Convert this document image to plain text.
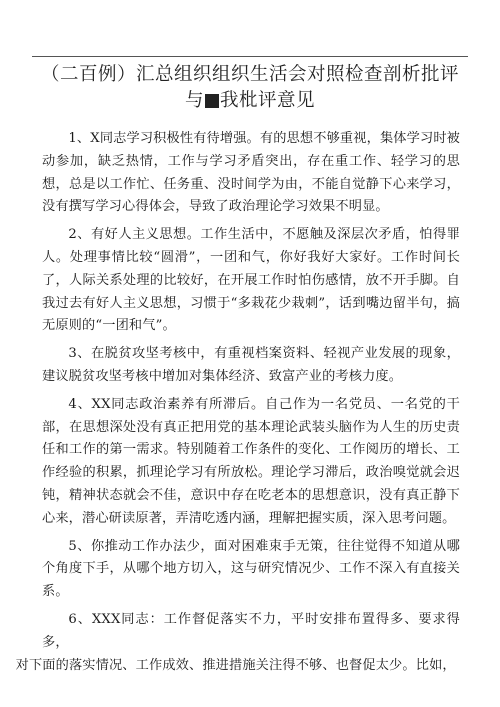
（二百例）汇总组织组织生活会对照检查剖析批评
与 我枇评意见

1、X同志学习积极性有待增强。有的思想不够重视，集体学习时被动参加，缺乏热情，工作与学习矛盾突出，存在重工作、轻学习的思想，总是以工作忙、任务重、没时间学为由，不能自觉静下心来学习，没有撰写学习心得体会，导致了政治理论学习效果不明显。

2、有好人主义思想。工作生活中，不愿触及深层次矛盾，怕得罪人。处理事情比较“圆滑”，一团和气，你好我好大家好。工作时间长了，人际关系处理的比较好，在开展工作时怕伤感情，放不开手脚。自我过去有好人主义思想，习惯于“多栽花少栽刺”，话到嘴边留半句，搞无原则的“一团和气”。

3、在脱贫攻坚考核中，有重视档案资料、轻视产业发展的现象，建议脱贫攻坚考核中增加对集体经济、致富产业的考核力度。

4、XX同志政治素养有所滞后。自己作为一名党员、一名党的干部，在思想深处没有真正把用党的基本理论武装头脑作为人生的历史责任和工作的第一需求。特别随着工作条件的变化、工作阅历的增长、工作经验的积累，抓理论学习有所放松。理论学习滞后，政治嗅觉就会迟钝，精神状态就会不佳，意识中存在吃老本的思想意识，没有真正静下心来，潜心研读原著，弄清吃透内涵，理解把握实质，深入思考问题。

5、你推动工作办法少，面对困难束手无策，往往觉得不知道从哪个角度下手，从哪个地方切入，这与研究情况少、工作不深入有直接关系。

6、XXX同志：工作督促落实不力，平时安排布置得多、要求得多，
对下面的落实情况、工作成效、推进措施关注得不够、也督促太少。比如，
